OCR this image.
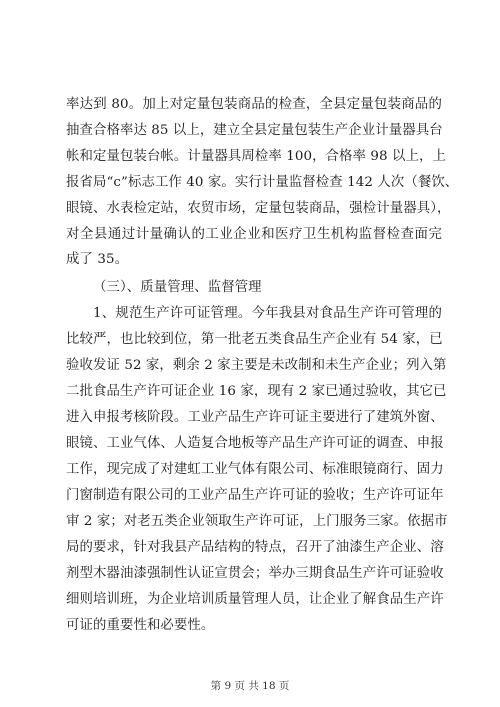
率达到 80。加上对定量包装商品的检查，全县定量包装商品的
抽查合格率达 85 以上，建立全县定量包装生产企业计量器具台
帐和定量包装台帐。计量器具周检率 100，合格率 98 以上，上
报省局“c”标志工作 40 家。实行计量监督检查 142 人次（餐饮、
眼镜、水表检定站，农贸市场，定量包装商品，强检计量器具），
对全县通过计量确认的工业企业和医疗卫生机构监督检查面完
成了 35。
（三）、质量管理、监督管理
1、规范生产许可证管理。今年我县对食品生产许可管理的
比较严，也比较到位，第一批老五类食品生产企业有 54 家，已
验收发证 52 家，剩余 2 家主要是未改制和未生产企业；列入第
二批食品生产许可证企业 16 家，现有 2 家已通过验收，其它已
进入申报考核阶段。工业产品生产许可证主要进行了建筑外窗、
眼镜、工业气体、人造复合地板等产品生产许可证的调查、申报
工作，现完成了对建虹工业气体有限公司、标准眼镜商行、固力
门窗制造有限公司的工业产品生产许可证的验收；生产许可证年
审 2 家；对老五类企业领取生产许可证，上门服务三家。依据市
局的要求，针对我县产品结构的特点，召开了油漆生产企业、溶
剂型木器油漆强制性认证宣贯会；举办三期食品生产许可证验收
细则培训班，为企业培训质量管理人员，让企业了解食品生产许
可证的重要性和必要性。
第 9 页 共 18 页
